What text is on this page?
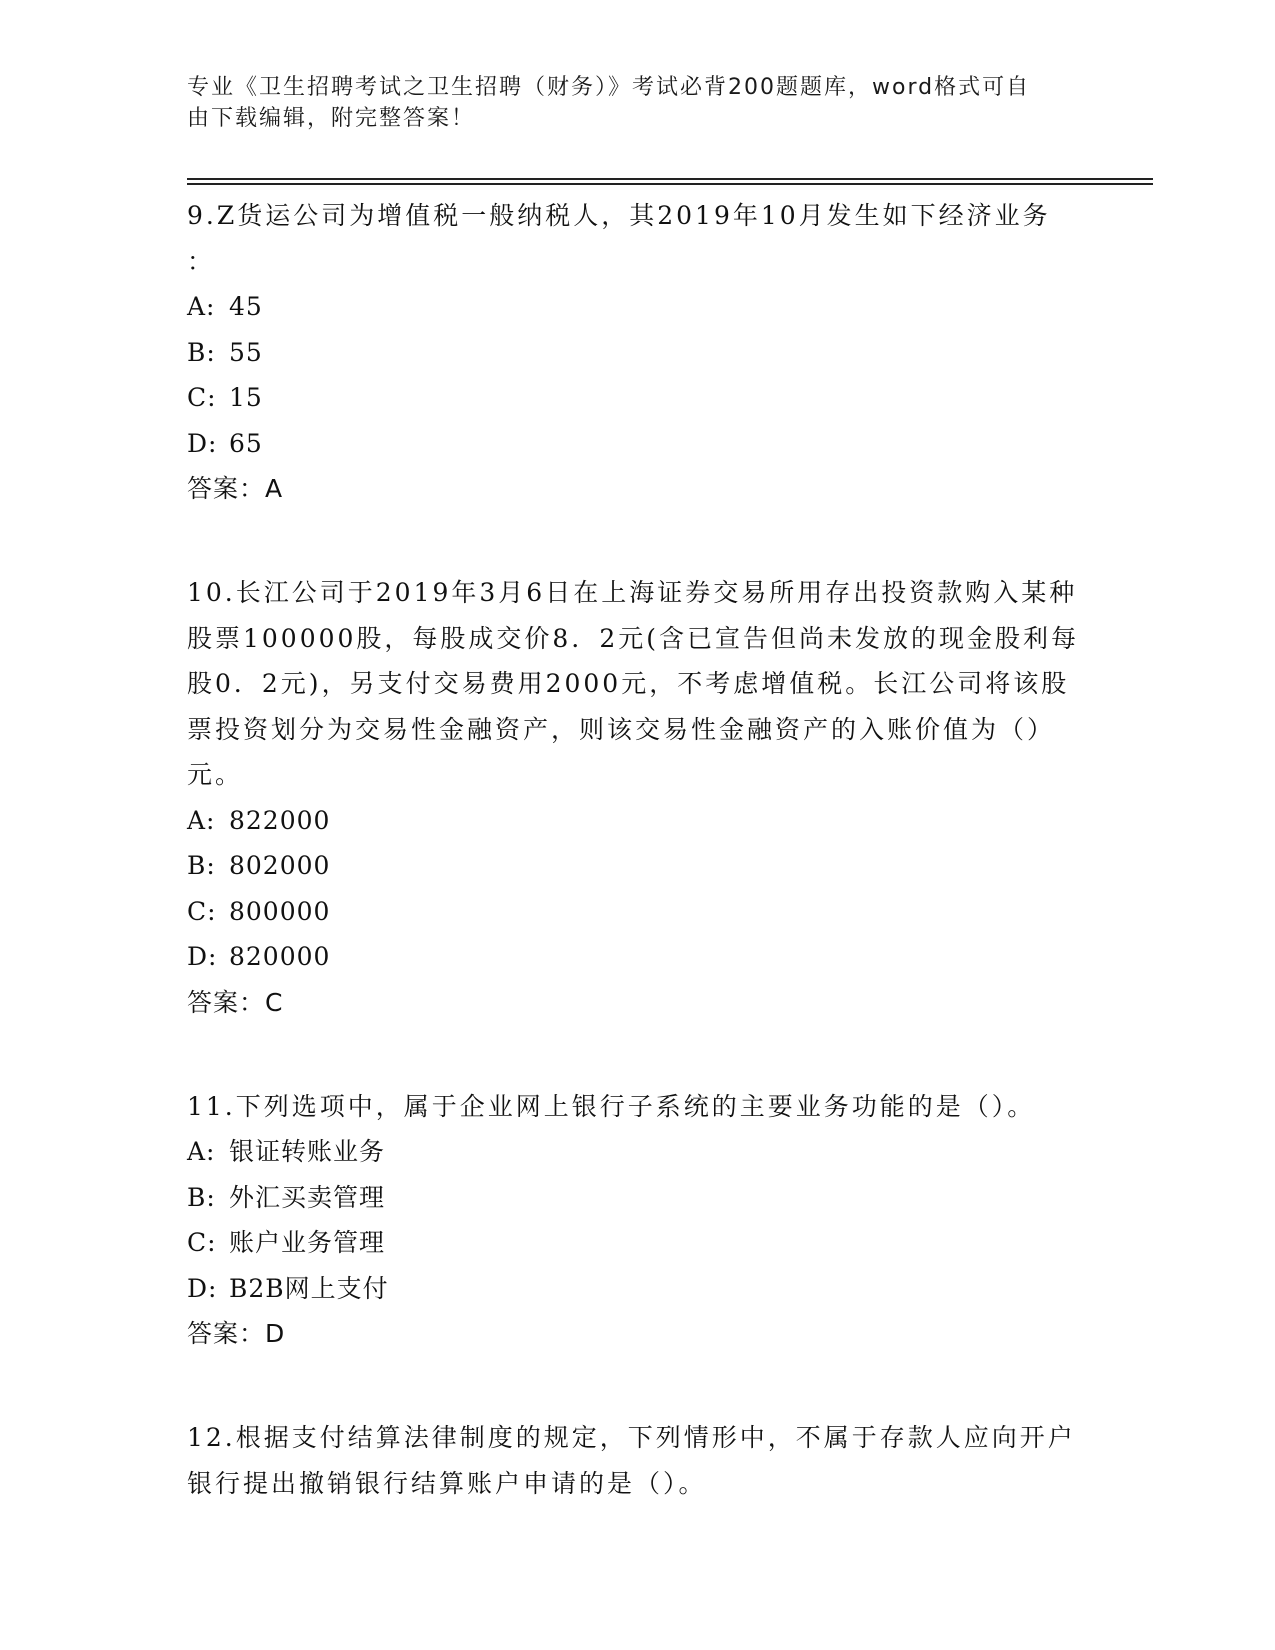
专业《卫生招聘考试之卫生招聘（财务）》考试必背200题题库，word格式可自
由下载编辑，附完整答案！
9.Z货运公司为增值税一般纳税人，其2019年10月发生如下经济业务
：
A: 45
B: 55
C: 15
D: 65
答案：A
10.长江公司于2019年3月6日在上海证券交易所用存出投资款购入某种股票100000股，每股成交价8．2元(含已宣告但尚未发放的现金股利每股0．2元)，另支付交易费用2000元，不考虑增值税。长江公司将该股票投资划分为交易性金融资产，则该交易性金融资产的入账价值为（）元。
A: 822000
B: 802000
C: 800000
D: 820000
答案：C
11.下列选项中，属于企业网上银行子系统的主要业务功能的是（）。
A: 银证转账业务
B: 外汇买卖管理
C: 账户业务管理
D: B2B网上支付
答案：D
12.根据支付结算法律制度的规定，下列情形中，不属于存款人应向开户银行提出撤销银行结算账户申请的是（）。
